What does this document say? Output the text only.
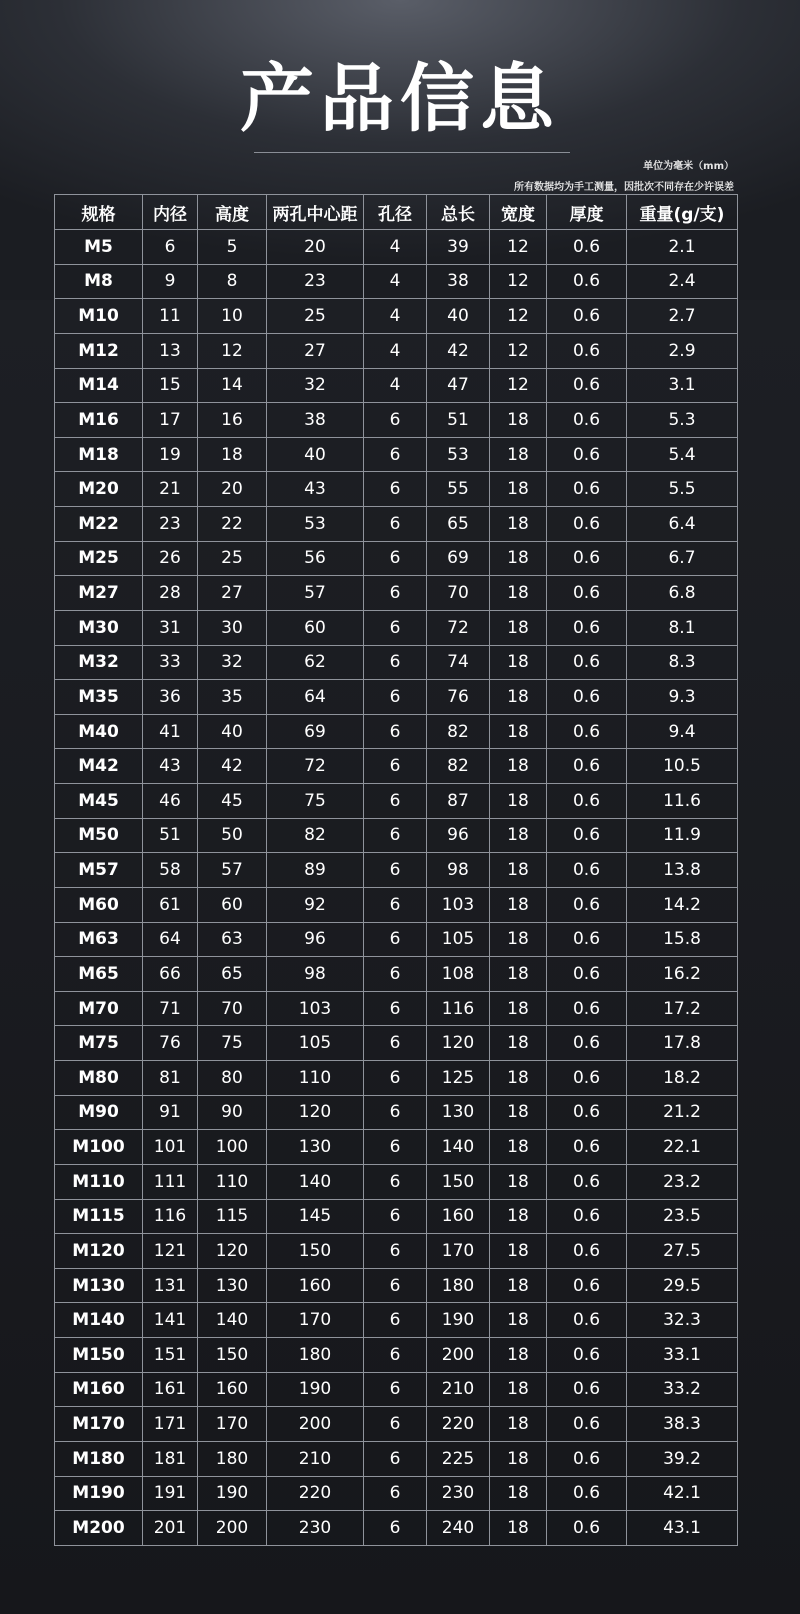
产品信息
单位为毫米（mm）
所有数据均为手工测量，因批次不同存在少许误差
规格	内径	高度	两孔中心距	孔径	总长	宽度	厚度	重量(g/支)
M5	6	5	20	4	39	12	0.6	2.1
M8	9	8	23	4	38	12	0.6	2.4
M10	11	10	25	4	40	12	0.6	2.7
M12	13	12	27	4	42	12	0.6	2.9
M14	15	14	32	4	47	12	0.6	3.1
M16	17	16	38	6	51	18	0.6	5.3
M18	19	18	40	6	53	18	0.6	5.4
M20	21	20	43	6	55	18	0.6	5.5
M22	23	22	53	6	65	18	0.6	6.4
M25	26	25	56	6	69	18	0.6	6.7
M27	28	27	57	6	70	18	0.6	6.8
M30	31	30	60	6	72	18	0.6	8.1
M32	33	32	62	6	74	18	0.6	8.3
M35	36	35	64	6	76	18	0.6	9.3
M40	41	40	69	6	82	18	0.6	9.4
M42	43	42	72	6	82	18	0.6	10.5
M45	46	45	75	6	87	18	0.6	11.6
M50	51	50	82	6	96	18	0.6	11.9
M57	58	57	89	6	98	18	0.6	13.8
M60	61	60	92	6	103	18	0.6	14.2
M63	64	63	96	6	105	18	0.6	15.8
M65	66	65	98	6	108	18	0.6	16.2
M70	71	70	103	6	116	18	0.6	17.2
M75	76	75	105	6	120	18	0.6	17.8
M80	81	80	110	6	125	18	0.6	18.2
M90	91	90	120	6	130	18	0.6	21.2
M100	101	100	130	6	140	18	0.6	22.1
M110	111	110	140	6	150	18	0.6	23.2
M115	116	115	145	6	160	18	0.6	23.5
M120	121	120	150	6	170	18	0.6	27.5
M130	131	130	160	6	180	18	0.6	29.5
M140	141	140	170	6	190	18	0.6	32.3
M150	151	150	180	6	200	18	0.6	33.1
M160	161	160	190	6	210	18	0.6	33.2
M170	171	170	200	6	220	18	0.6	38.3
M180	181	180	210	6	225	18	0.6	39.2
M190	191	190	220	6	230	18	0.6	42.1
M200	201	200	230	6	240	18	0.6	43.1
